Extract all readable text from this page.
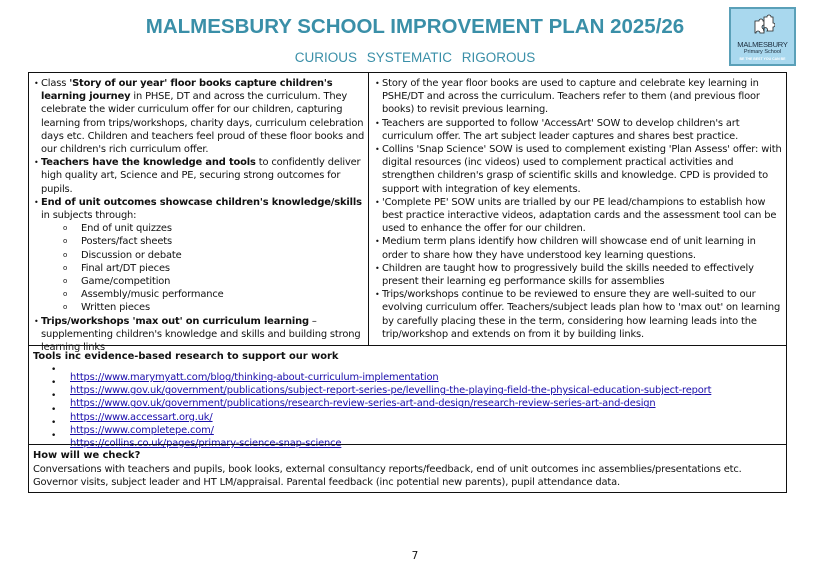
MALMESBURY SCHOOL IMPROVEMENT PLAN 2025/26
CURIOUS SYSTEMATIC RIGOROUS
MALMESBURY
Primary School
BE THE BEST YOU CAN BE
• Class 'Story of our year' floor books capture children's learning journey in PHSE, DT and across the curriculum. They celebrate the wider curriculum offer for our children, capturing learning from trips/workshops, charity days, curriculum celebration days etc. Children and teachers feel proud of these floor books and our children's rich curriculum offer.
• Teachers have the knowledge and tools to confidently deliver high quality art, Science and PE, securing strong outcomes for pupils.
• End of unit outcomes showcase children's knowledge/skills in subjects through:
o End of unit quizzes
o Posters/fact sheets
o Discussion or debate
o Final art/DT pieces
o Game/competition
o Assembly/music performance
o Written pieces
• Trips/workshops 'max out' on curriculum learning – supplementing children's knowledge and skills and building strong learning links
• Story of the year floor books are used to capture and celebrate key learning in PSHE/DT and across the curriculum. Teachers refer to them (and previous floor books) to revisit previous learning.
• Teachers are supported to follow 'AccessArt' SOW to develop children's art curriculum offer. The art subject leader captures and shares best practice.
• Collins 'Snap Science' SOW is used to complement existing 'Plan Assess' offer: with digital resources (inc videos) used to complement practical activities and strengthen children's grasp of scientific skills and knowledge. CPD is provided to support with integration of key elements.
• 'Complete PE' SOW units are trialled by our PE lead/champions to establish how best practice interactive videos, adaptation cards and the assessment tool can be used to enhance the offer for our children.
• Medium term plans identify how children will showcase end of unit learning in order to share how they have understood key learning questions.
• Children are taught how to progressively build the skills needed to effectively present their learning eg performance skills for assemblies
• Trips/workshops continue to be reviewed to ensure they are well-suited to our evolving curriculum offer. Teachers/subject leads plan how to 'max out' on learning by carefully placing these in the term, considering how learning leads into the trip/workshop and extends on from it by building links.
Tools inc evidence-based research to support our work
•
https://www.marymyatt.com/blog/thinking-about-curriculum-implementation
•
https://www.gov.uk/government/publications/subject-report-series-pe/levelling-the-playing-field-the-physical-education-subject-report
•
https://www.gov.uk/government/publications/research-review-series-art-and-design/research-review-series-art-and-design
•
https://www.accessart.org.uk/
•
https://www.completepe.com/
•
https://collins.co.uk/pages/primary-science-snap-science
How will we check?
Conversations with teachers and pupils, book looks, external consultancy reports/feedback, end of unit outcomes inc assemblies/presentations etc.
Governor visits, subject leader and HT LM/appraisal. Parental feedback (inc potential new parents), pupil attendance data.
7
